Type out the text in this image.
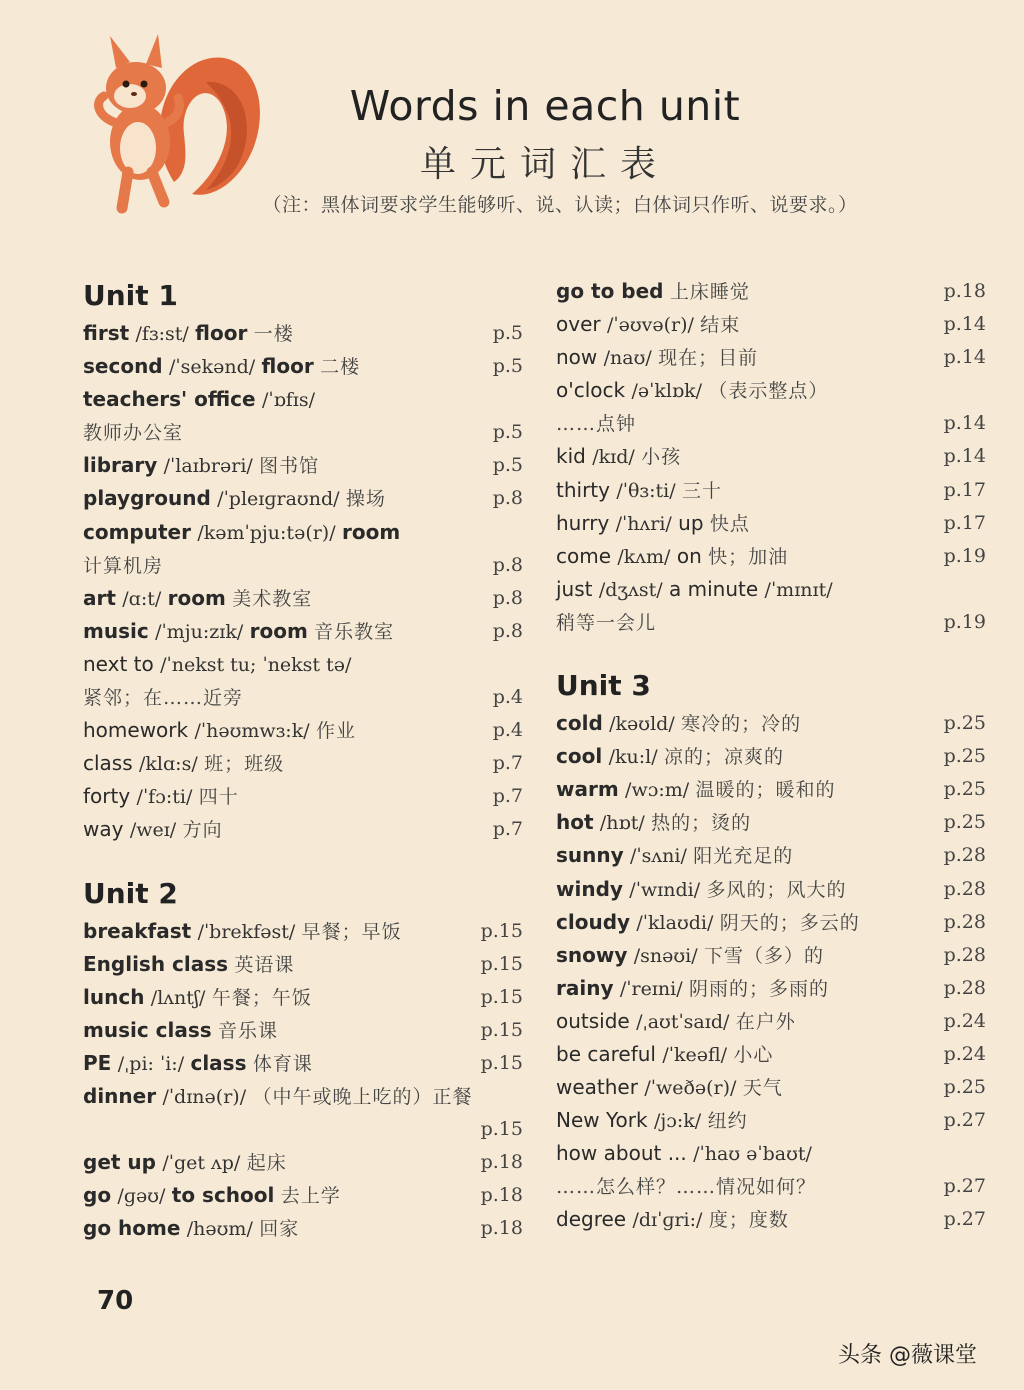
Words in each unit
单元词汇表
（注：黑体词要求学生能够听、说、认读；白体词只作听、说要求。）
Unit 1
first /fɜ:st/ floor 一楼	p.5
second /ˈsekənd/ floor 二楼	p.5
teachers' office /ˈɒfɪs/
教师办公室	p.5
library /ˈlaɪbrəri/ 图书馆	p.5
playground /ˈpleɪɡraʊnd/ 操场	p.8
computer /kəmˈpju:tə(r)/ room
计算机房	p.8
art /ɑ:t/ room 美术教室	p.8
music /ˈmju:zɪk/ room 音乐教室	p.8
next to /ˈnekst tu; ˈnekst tə/
紧邻；在……近旁	p.4
homework /ˈhəʊmwɜ:k/ 作业	p.4
class /klɑ:s/ 班；班级	p.7
forty /ˈfɔ:ti/ 四十	p.7
way /weɪ/ 方向	p.7
Unit 2
breakfast /ˈbrekfəst/ 早餐；早饭	p.15
English class 英语课	p.15
lunch /lʌntʃ/ 午餐；午饭	p.15
music class 音乐课	p.15
PE /ˌpi: ˈi:/ class 体育课	p.15
dinner /ˈdɪnə(r)/ （中午或晚上吃的）正餐
p.15
get up /ˈget ʌp/ 起床	p.18
go /ɡəʊ/ to school 去上学	p.18
go home /həʊm/ 回家	p.18
go to bed 上床睡觉	p.18
over /ˈəʊvə(r)/ 结束	p.14
now /naʊ/ 现在；目前	p.14
o'clock /əˈklɒk/ （表示整点）
……点钟	p.14
kid /kɪd/ 小孩	p.14
thirty /ˈθɜ:ti/ 三十	p.17
hurry /ˈhʌri/ up 快点	p.17
come /kʌm/ on 快；加油	p.19
just /dʒʌst/ a minute /ˈmɪnɪt/
稍等一会儿	p.19
Unit 3
cold /kəʊld/ 寒冷的；冷的	p.25
cool /ku:l/ 凉的；凉爽的	p.25
warm /wɔ:m/ 温暖的；暖和的	p.25
hot /hɒt/ 热的；烫的	p.25
sunny /ˈsʌni/ 阳光充足的	p.28
windy /ˈwɪndi/ 多风的；风大的	p.28
cloudy /ˈklaʊdi/ 阴天的；多云的	p.28
snowy /snəʊi/ 下雪（多）的	p.28
rainy /ˈreɪni/ 阴雨的；多雨的	p.28
outside /ˌaʊtˈsaɪd/ 在户外	p.24
be careful /ˈkeəfl/ 小心	p.24
weather /ˈweðə(r)/ 天气	p.25
New York /jɔ:k/ 纽约	p.27
how about ... /ˈhaʊ əˈbaʊt/
……怎么样？……情况如何？	p.27
degree /dɪˈɡri:/ 度；度数	p.27
70
头条 @薇课堂
